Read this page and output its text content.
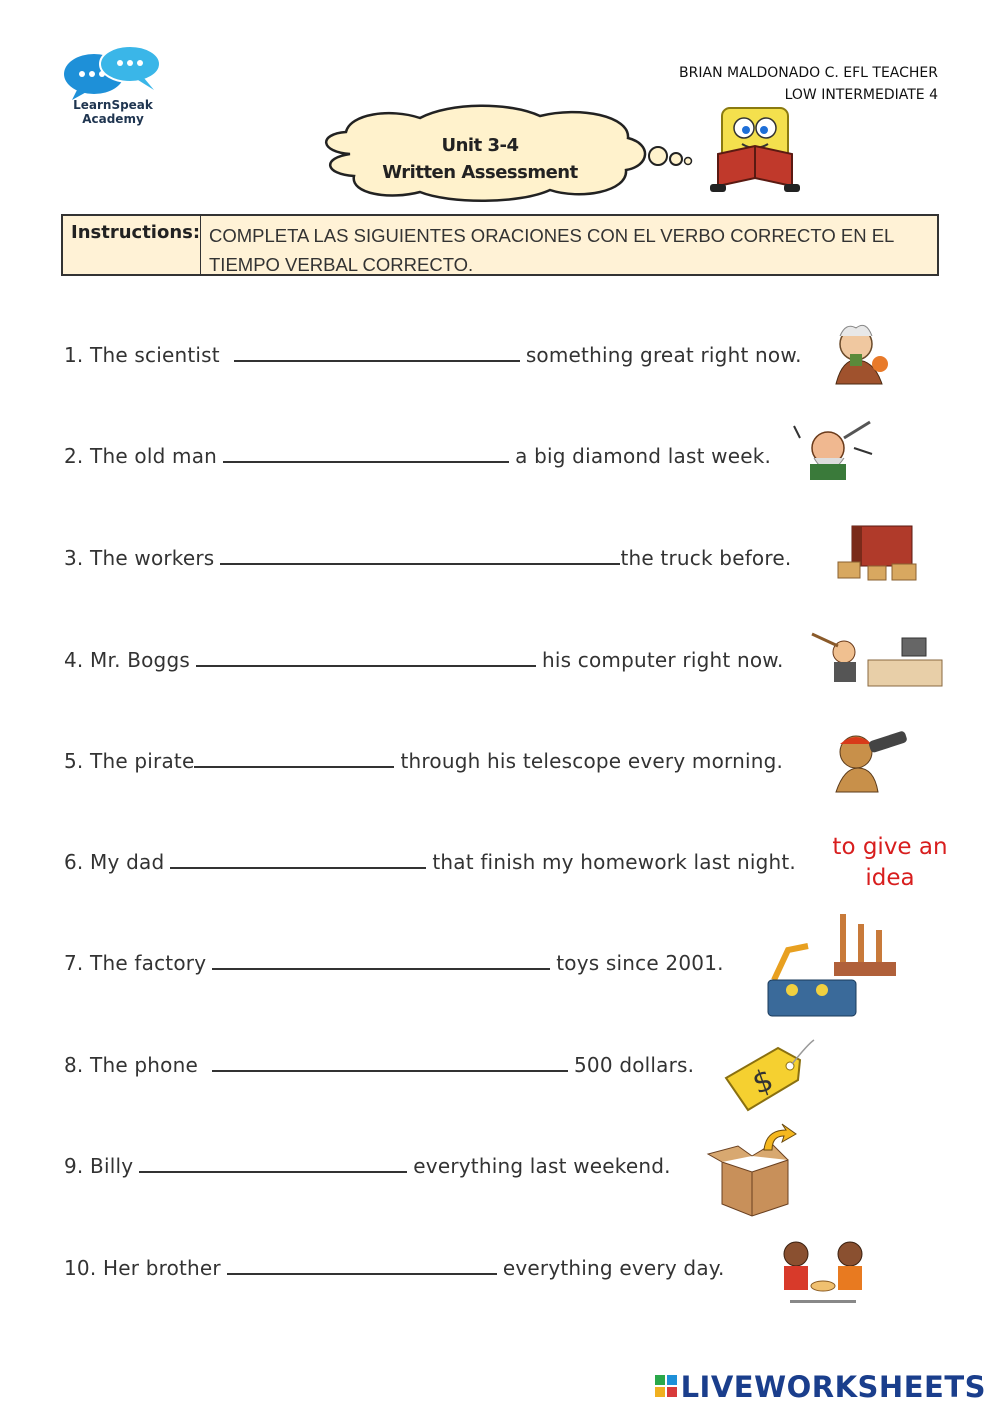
LearnSpeak
Academy
BRIAN MALDONADO C. EFL TEACHER
LOW INTERMEDIATE 4
Unit 3-4
Written Assessment
Instructions: COMPLETA LAS SIGUIENTES ORACIONES CON EL VERBO CORRECTO EN EL TIEMPO VERBAL CORRECTO.
1. The scientist	something great right now.
2. The old man	a big diamond last week.
3. The workers	the truck before.
4. Mr. Boggs	his computer right now.
5. The pirate	through his telescope every morning.
6. My dad	that finish my homework last night.
to give an
idea
7. The factory	toys since 2001.
8. The phone	500 dollars. $
9. Billy	everything last weekend.
10. Her brother	everything every day.
LIVEWORKSHEETS
